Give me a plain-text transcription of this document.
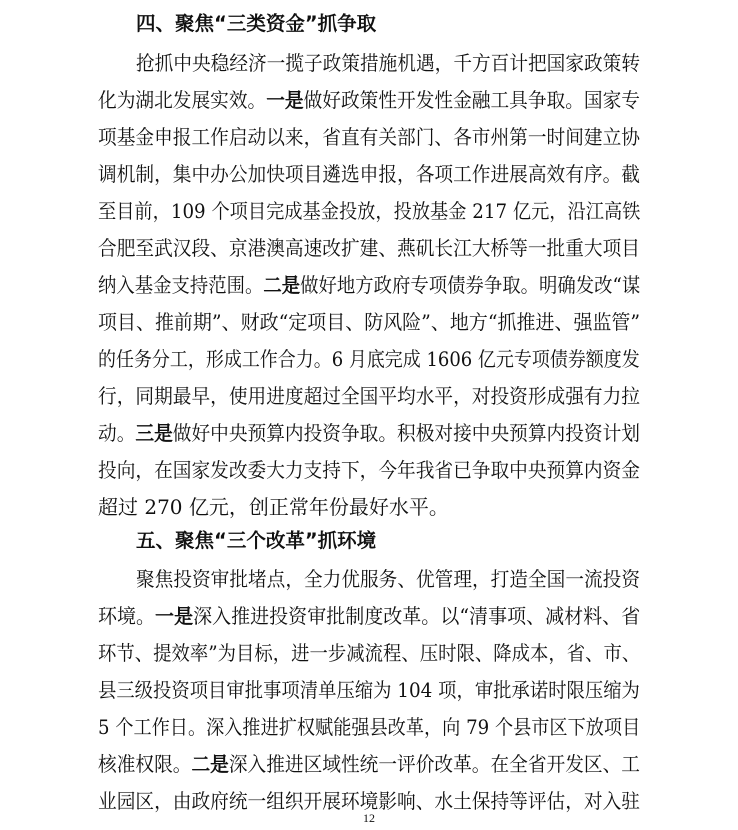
四、聚焦“三类资金”抓争取
抢抓中央稳经济一揽子政策措施机遇，千方百计把国家政策转
化为湖北发展实效。一是做好政策性开发性金融工具争取。国家专
项基金申报工作启动以来，省直有关部门、各市州第一时间建立协
调机制，集中办公加快项目遴选申报，各项工作进展高效有序。截
至目前，109 个项目完成基金投放，投放基金 217 亿元，沿江高铁
合肥至武汉段、京港澳高速改扩建、燕矶长江大桥等一批重大项目
纳入基金支持范围。二是做好地方政府专项债券争取。明确发改“谋
项目、推前期”、财政“定项目、防风险”、地方“抓推进、强监管”
的任务分工，形成工作合力。6 月底完成 1606 亿元专项债券额度发
行，同期最早，使用进度超过全国平均水平，对投资形成强有力拉
动。三是做好中央预算内投资争取。积极对接中央预算内投资计划
投向，在国家发改委大力支持下，今年我省已争取中央预算内资金
超过 270 亿元，创正常年份最好水平。
五、聚焦“三个改革”抓环境
聚焦投资审批堵点，全力优服务、优管理，打造全国一流投资
环境。一是深入推进投资审批制度改革。以“清事项、减材料、省
环节、提效率”为目标，进一步减流程、压时限、降成本，省、市、
县三级投资项目审批事项清单压缩为 104 项，审批承诺时限压缩为
5 个工作日。深入推进扩权赋能强县改革，向 79 个县市区下放项目
核准权限。二是深入推进区域性统一评价改革。在全省开发区、工
业园区，由政府统一组织开展环境影响、水土保持等评估，对入驻
12
